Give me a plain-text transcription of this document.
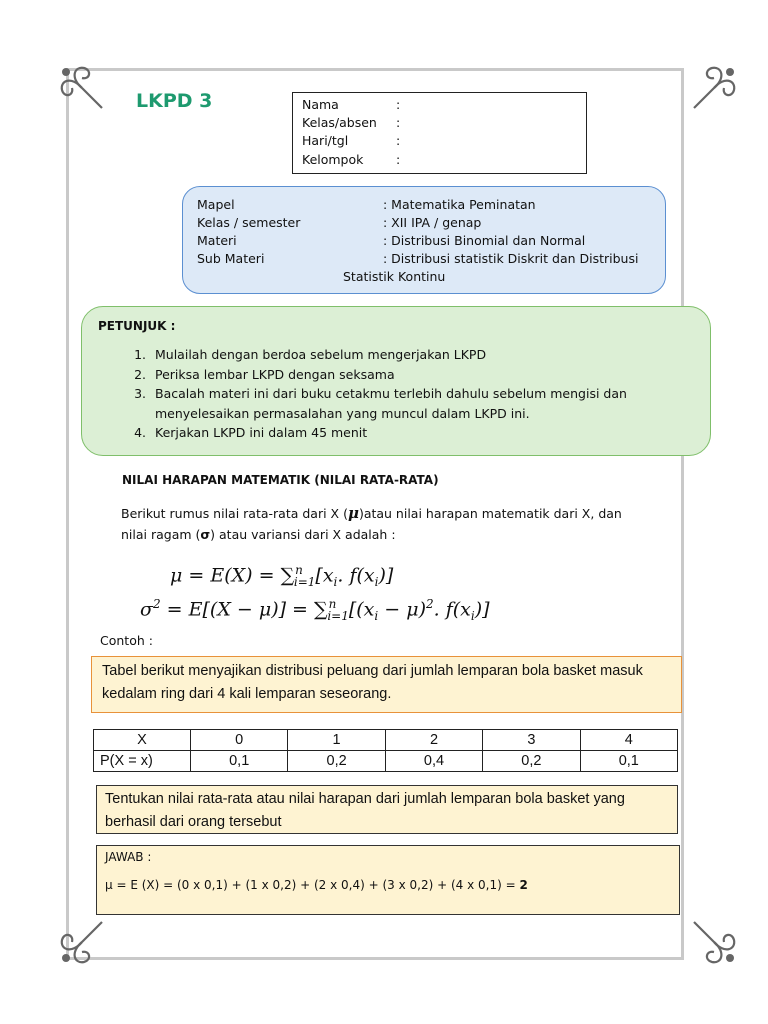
LKPD 3	Nama	:
Kelas/absen	:
Hari/tgl	:
Kelompok	:
Mapel	: Matematika Peminatan
Kelas / semester	: XII IPA / genap
Materi	: Distribusi Binomial dan Normal
Sub Materi	: Distribusi statistik Diskrit dan Distribusi
Statistik Kontinu
PETUNJUK :
1. Mulailah dengan berdoa sebelum mengerjakan LKPD
2. Periksa lembar LKPD dengan seksama
3. Bacalah materi ini dari buku cetakmu terlebih dahulu sebelum mengisi dan menyelesaikan permasalahan yang muncul dalam LKPD ini.
4. Kerjakan LKPD ini dalam 45 menit
NILAI HARAPAN MATEMATIK (NILAI RATA-RATA)
Berikut rumus nilai rata-rata dari X (μ)atau nilai harapan matematik dari X, dan
nilai ragam (σ) atau variansi dari X adalah :
$\mu = E(X) = \sum^n_{i=1}[x_i$. $f(x_i)$]
$\sigma^2 = E[(X - \mu)] = \sum^n_{i=1}[(x_i - \mu)^2$. $f(x_i)$]
Contoh :
Tabel berikut menyajikan distribusi peluang dari jumlah lemparan bola basket masuk kedalam ring dari 4 kali lemparan seseorang.
X	0	1	2	3	4
P(X = x)	0,1	0,2	0,4	0,2	0,1
Tentukan nilai rata-rata atau nilai harapan dari jumlah lemparan bola basket yang berhasil dari orang tersebut
JAWAB :
μ = E (X) = (0 x 0,1) + (1 x 0,2) + (2 x 0,4) + (3 x 0,2) + (4 x 0,1) = 2
